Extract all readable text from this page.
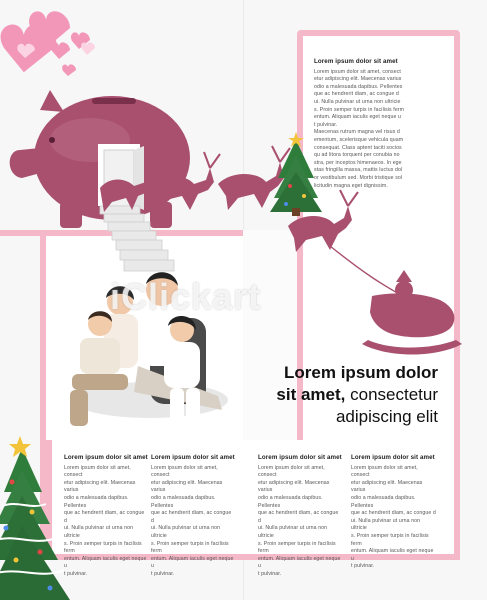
iClickart
Lorem ipsum dolor sit amet
Lorem ipsum dolor sit amet, consect
etur adipiscing elit. Maecenas varius
odio a malesuada dapibus. Pellentes
que ac hendrerit diam, ac congue d
ui. Nulla pulvinar ut urna non ultricie
s. Proin semper turpis in facilisis ferm
entum. Aliquam iaculis eget neque u
t pulvinar.
Maecenas rutrum magna vel risus d
ementum, scelerisque vehicula quam
consequat. Class aptent taciti socios
qu ad litora torquent per conubia no
stra, per inceptos himenaeos. In ege
stas fringilla massa, mattis luctus dol
or vestibulum sed. Morbi tristique sol
licitudin magna eget dignissim.
Lorem ipsum dolor
sit amet, consectetur
adipiscing elit
Lorem ipsum dolor sit amet
Lorem ipsum dolor sit amet, consect
etur adipiscing elit. Maecenas varius
odio a malesuada dapibus. Pellentes
que ac hendrerit diam, ac congue d
ui. Nulla pulvinar ut urna non ultricie
s. Proin semper turpis in facilisis ferm
entum. Aliquam iaculis eget neque u
t pulvinar.
Lorem ipsum dolor sit amet
Lorem ipsum dolor sit amet, consect
etur adipiscing elit. Maecenas varius
odio a malesuada dapibus. Pellentes
que ac hendrerit diam, ac congue d
ui. Nulla pulvinar ut urna non ultricie
s. Proin semper turpis in facilisis ferm
entum. Aliquam iaculis eget neque u
t pulvinar.
Lorem ipsum dolor sit amet
Lorem ipsum dolor sit amet, consect
etur adipiscing elit. Maecenas varius
odio a malesuada dapibus. Pellentes
que ac hendrerit diam, ac congue d
ui. Nulla pulvinar ut urna non ultricie
s. Proin semper turpis in facilisis ferm
entum. Aliquam iaculis eget neque u
t pulvinar.
Lorem ipsum dolor sit amet
Lorem ipsum dolor sit amet, consect
etur adipiscing elit. Maecenas varius
odio a malesuada dapibus. Pellentes
que ac hendrerit diam, ac congue d
ui. Nulla pulvinar ut urna non ultricie
s. Proin semper turpis in facilisis ferm
entum. Aliquam iaculis eget neque u
t pulvinar.
